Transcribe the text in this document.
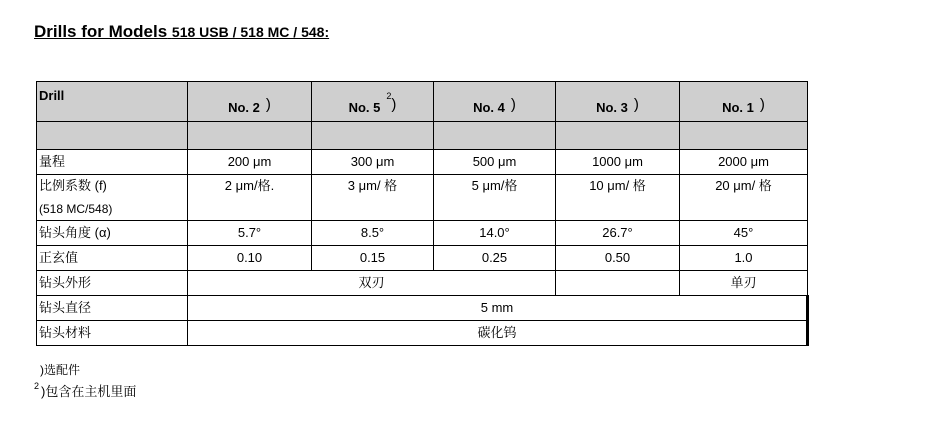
Drills for Models 518 USB / 518 MC / 548:
Drill	No. 2 )	No. $5^2$)	No. 4 )	No. 3 )	No. 1 )

量程	200 μm	300 μm	500 μm	1000 μm	2000 μm
比例系数 (f)
(518 MC/548)	2 μm/格.	3 μm/ 格	5 μm/格	10 μm/ 格	20 μm/ 格
钻头角度 (α)	5.7°	8.5°	14.0°	26.7°	45°
正玄值	0.10	0.15	0.25	0.50	1.0
钻头外形	双刃				单刃
钻头直径	5 mm				
钻头材料	碳化钨				
)选配件
$^2$ )包含在主机里面
